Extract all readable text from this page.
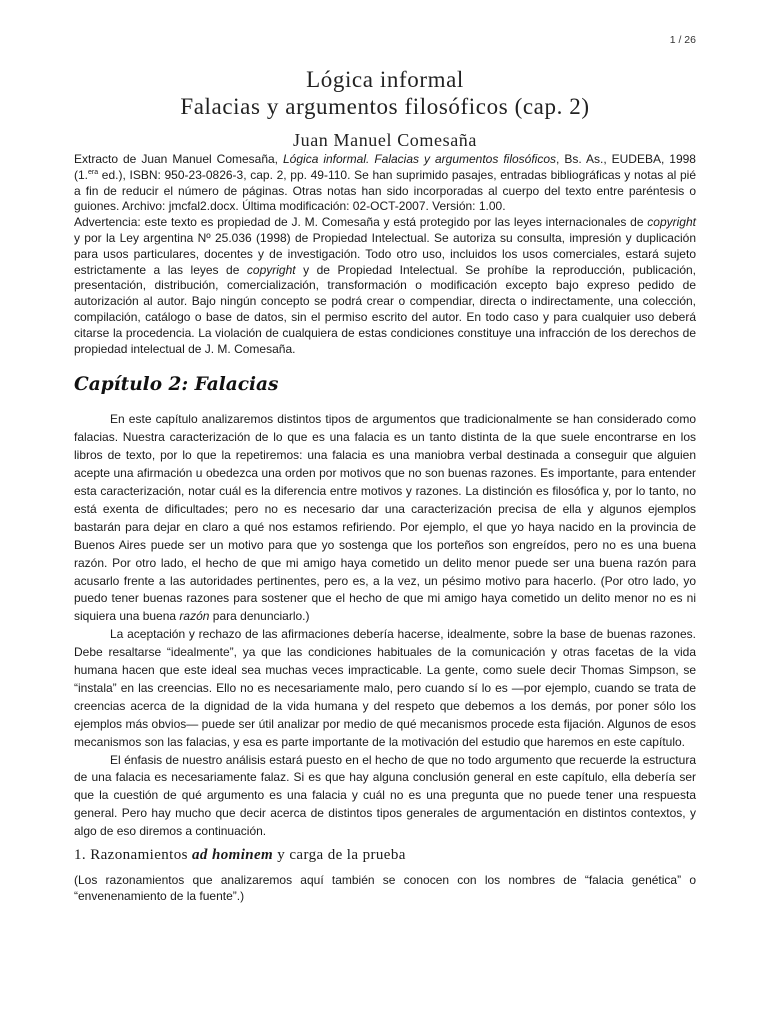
1 / 26
Lógica informal
Falacias y argumentos filosóficos (cap. 2)
Juan Manuel Comesaña

Extracto de Juan Manuel Comesaña, Lógica informal. Falacias y argumentos filosóficos, Bs. As., EUDEBA, 1998 (1.$^{era}$ ed.), ISBN: 950-23-0826-3, cap. 2, pp. 49-110. Se han suprimido pasajes, entradas bibliográficas y notas al pié a fin de reducir el número de páginas. Otras notas han sido incorporadas al cuerpo del texto entre paréntesis o guiones. Archivo: jmcfal2.docx. Última modificación: 02-OCT-2007. Versión: 1.00.

Advertencia: este texto es propiedad de J. M. Comesaña y está protegido por las leyes internacionales de copyright y por la Ley argentina Nº 25.036 (1998) de Propiedad Intelectual. Se autoriza su consulta, impresión y duplicación para usos particulares, docentes y de investigación. Todo otro uso, incluidos los usos comerciales, estará sujeto estrictamente a las leyes de copyright y de Propiedad Intelectual. Se prohíbe la reproducción, publicación, presentación, distribución, comercialización, transformación o modificación excepto bajo expreso pedido de autorización al autor. Bajo ningún concepto se podrá crear o compendiar, directa o indirectamente, una colección, compilación, catálogo o base de datos, sin el permiso escrito del autor. En todo caso y para cualquier uso deberá citarse la procedencia. La violación de cualquiera de estas condiciones constituye una infracción de los derechos de propiedad intelectual de J. M. Comesaña.

Capítulo 2: Falacias

En este capítulo analizaremos distintos tipos de argumentos que tradicionalmente se han considerado como falacias. Nuestra caracterización de lo que es una falacia es un tanto distinta de la que suele encontrarse en los libros de texto, por lo que la repetiremos: una falacia es una maniobra verbal destinada a conseguir que alguien acepte una afirmación u obedezca una orden por motivos que no son buenas razones. Es importante, para entender esta caracterización, notar cuál es la diferencia entre motivos y razones. La distinción es filosófica y, por lo tanto, no está exenta de dificultades; pero no es necesario dar una caracterización precisa de ella y algunos ejemplos bastarán para dejar en claro a qué nos estamos refiriendo. Por ejemplo, el que yo haya nacido en la provincia de Buenos Aires puede ser un motivo para que yo sostenga que los porteños son engreídos, pero no es una buena razón. Por otro lado, el hecho de que mi amigo haya cometido un delito menor puede ser una buena razón para acusarlo frente a las autoridades pertinentes, pero es, a la vez, un pésimo motivo para hacerlo. (Por otro lado, yo puedo tener buenas razones para sostener que el hecho de que mi amigo haya cometido un delito menor no es ni siquiera una buena razón para denunciarlo.)

La aceptación y rechazo de las afirmaciones debería hacerse, idealmente, sobre la base de buenas razones. Debe resaltarse “idealmente”, ya que las condiciones habituales de la comunicación y otras facetas de la vida humana hacen que este ideal sea muchas veces impracticable. La gente, como suele decir Thomas Simpson, se “instala” en las creencias. Ello no es necesariamente malo, pero cuando sí lo es —por ejemplo, cuando se trata de creencias acerca de la dignidad de la vida humana y del respeto que debemos a los demás, por poner sólo los ejemplos más obvios— puede ser útil analizar por medio de qué mecanismos procede esta fijación. Algunos de esos mecanismos son las falacias, y esa es parte importante de la motivación del estudio que haremos en este capítulo.

El énfasis de nuestro análisis estará puesto en el hecho de que no todo argumento que recuerde la estructura de una falacia es necesariamente falaz. Si es que hay alguna conclusión general en este capítulo, ella debería ser que la cuestión de qué argumento es una falacia y cuál no es una pregunta que no puede tener una respuesta general. Pero hay mucho que decir acerca de distintos tipos generales de argumentación en distintos contextos, y algo de eso diremos a continuación.

1. Razonamientos ad hominem y carga de la prueba

(Los razonamientos que analizaremos aquí también se conocen con los nombres de “falacia genética” o “envenenamiento de la fuente”.)
